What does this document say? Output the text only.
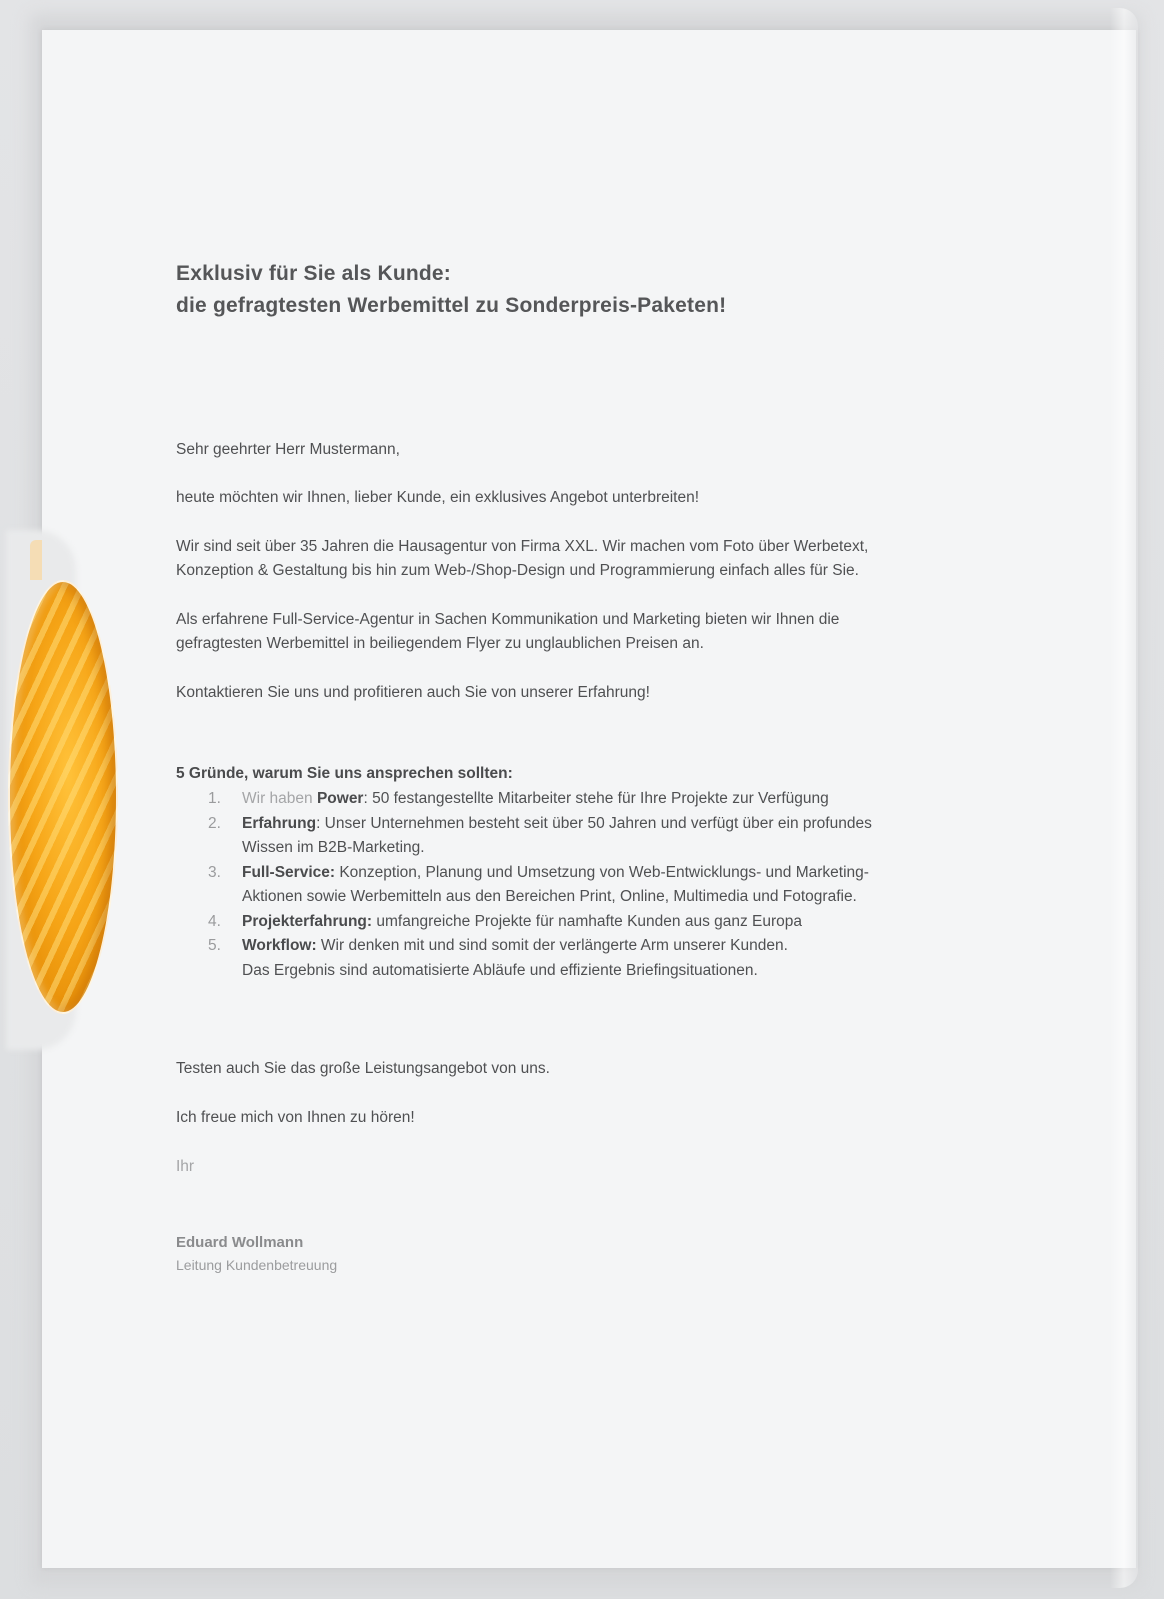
Exklusiv für Sie als Kunde:
die gefragtesten Werbemittel zu Sonderpreis-Paketen!

Sehr geehrter Herr Mustermann,

heute möchten wir Ihnen, lieber Kunde, ein exklusives Angebot unterbreiten!

Wir sind seit über 35 Jahren die Hausagentur von Firma XXL. Wir machen vom Foto über Werbetext,

Konzeption & Gestaltung bis hin zum Web-/Shop-Design und Programmierung einfach alles für Sie.

Als erfahrene Full-Service-Agentur in Sachen Kommunikation und Marketing bieten wir Ihnen die

gefragtesten Werbemittel in beiliegendem Flyer zu unglaublichen Preisen an.

Kontaktieren Sie uns und profitieren auch Sie von unserer Erfahrung!

5 Gründe, warum Sie uns ansprechen sollten:

1. Wir haben Power: 50 festangestellte Mitarbeiter stehe für Ihre Projekte zur Verfügung
2. Erfahrung: Unser Unternehmen besteht seit über 50 Jahren und verfügt über ein profundes
Wissen im B2B-Marketing.
3. Full-Service: Konzeption, Planung und Umsetzung von Web-Entwicklungs- und Marketing-
Aktionen sowie Werbemitteln aus den Bereichen Print, Online, Multimedia und Fotografie.
4. Projekterfahrung: umfangreiche Projekte für namhafte Kunden aus ganz Europa
5. Workflow: Wir denken mit und sind somit der verlängerte Arm unserer Kunden.
Das Ergebnis sind automatisierte Abläufe und effiziente Briefingsituationen.

Testen auch Sie das große Leistungsangebot von uns.

Ich freue mich von Ihnen zu hören!

Ihr

Eduard Wollmann

Leitung Kundenbetreuung
